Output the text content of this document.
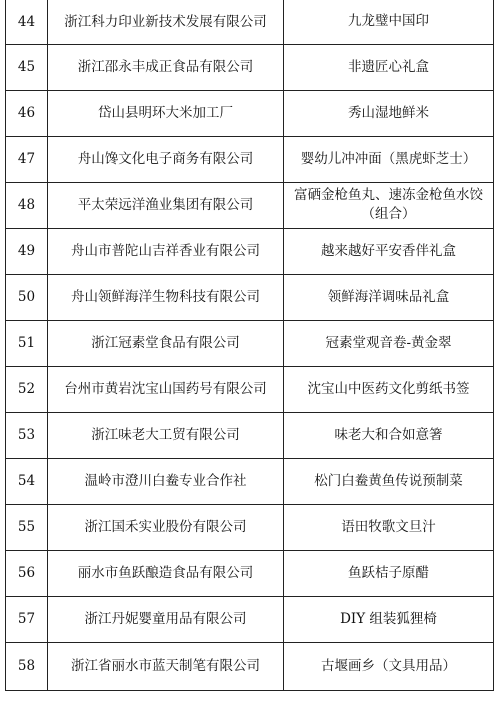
44	浙江科力印业新技术发展有限公司	九龙璧中国印
45	浙江邵永丰成正食品有限公司	非遗匠心礼盒
46	岱山县明环大米加工厂	秀山湿地鲜米
47	舟山馋文化电子商务有限公司	婴幼儿冲冲面（黑虎虾芝士）
48	平太荣远洋渔业集团有限公司	富硒金枪鱼丸、速冻金枪鱼水饺（组合）
49	舟山市普陀山吉祥香业有限公司	越来越好平安香伴礼盒
50	舟山领鲜海洋生物科技有限公司	领鲜海洋调味品礼盒
51	浙江冠素堂食品有限公司	冠素堂观音卷-黄金翠
52	台州市黄岩沈宝山国药号有限公司	沈宝山中医药文化剪纸书签
53	浙江味老大工贸有限公司	味老大和合如意箸
54	温岭市澄川白鲞专业合作社	松门白鲞黄鱼传说预制菜
55	浙江国禾实业股份有限公司	语田牧歌文旦汁
56	丽水市鱼跃酿造食品有限公司	鱼跃桔子原醋
57	浙江丹妮婴童用品有限公司	DIY 组装狐狸椅
58	浙江省丽水市蓝天制笔有限公司	古堰画乡（文具用品）
